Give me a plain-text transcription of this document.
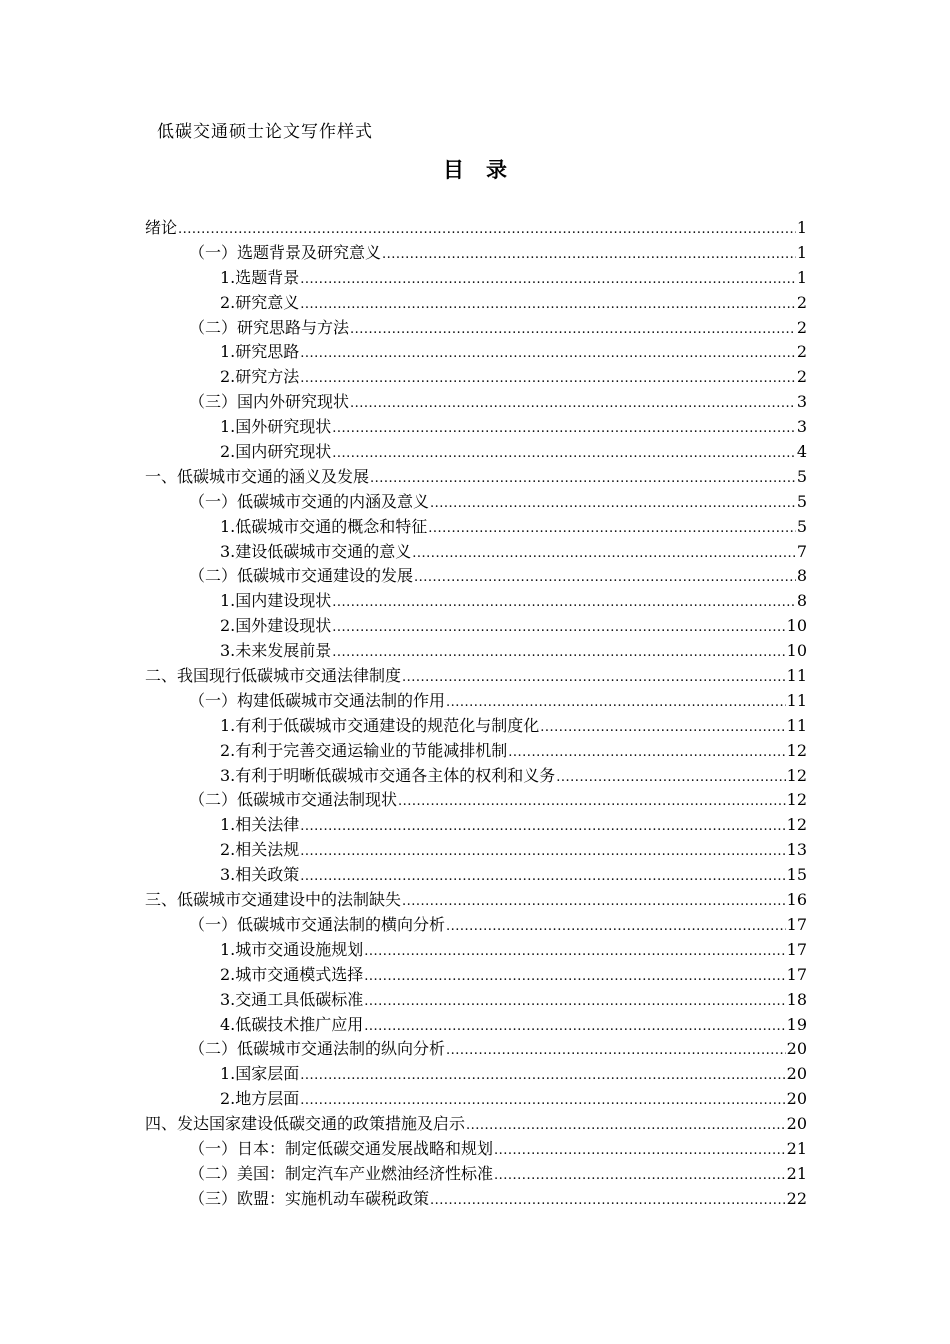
低碳交通硕士论文写作样式
目录
绪论 .....	1
（一）选题背景及研究意义 .....	1
1.选题背景 .....	1
2.研究意义 .....	2
（二）研究思路与方法 .....	2
1.研究思路 .....	2
2.研究方法 .....	2
（三）国内外研究现状 .....	3
1.国外研究现状 .....	3
2.国内研究现状 .....	4
一、低碳城市交通的涵义及发展 .....	5
（一）低碳城市交通的内涵及意义 .....	5
1.低碳城市交通的概念和特征 .....	5
3.建设低碳城市交通的意义 .....	7
（二）低碳城市交通建设的发展 .....	8
1.国内建设现状 .....	8
2.国外建设现状 .....	10
3.未来发展前景 .....	10
二、我国现行低碳城市交通法律制度 .....	11
（一）构建低碳城市交通法制的作用 .....	11
1.有利于低碳城市交通建设的规范化与制度化 .....	11
2.有利于完善交通运输业的节能减排机制 .....	12
3.有利于明晰低碳城市交通各主体的权利和义务 .....	12
（二）低碳城市交通法制现状 .....	12
1.相关法律 .....	12
2.相关法规 .....	13
3.相关政策 .....	15
三、低碳城市交通建设中的法制缺失 .....	16
（一）低碳城市交通法制的横向分析 .....	17
1.城市交通设施规划 .....	17
2.城市交通模式选择 .....	17
3.交通工具低碳标准 .....	18
4.低碳技术推广应用 .....	19
（二）低碳城市交通法制的纵向分析 .....	20
1.国家层面 .....	20
2.地方层面 .....	20
四、发达国家建设低碳交通的政策措施及启示 .....	20
（一）日本：制定低碳交通发展战略和规划 .....	21
（二）美国：制定汽车产业燃油经济性标准 .....	21
（三）欧盟：实施机动车碳税政策 .....	22
